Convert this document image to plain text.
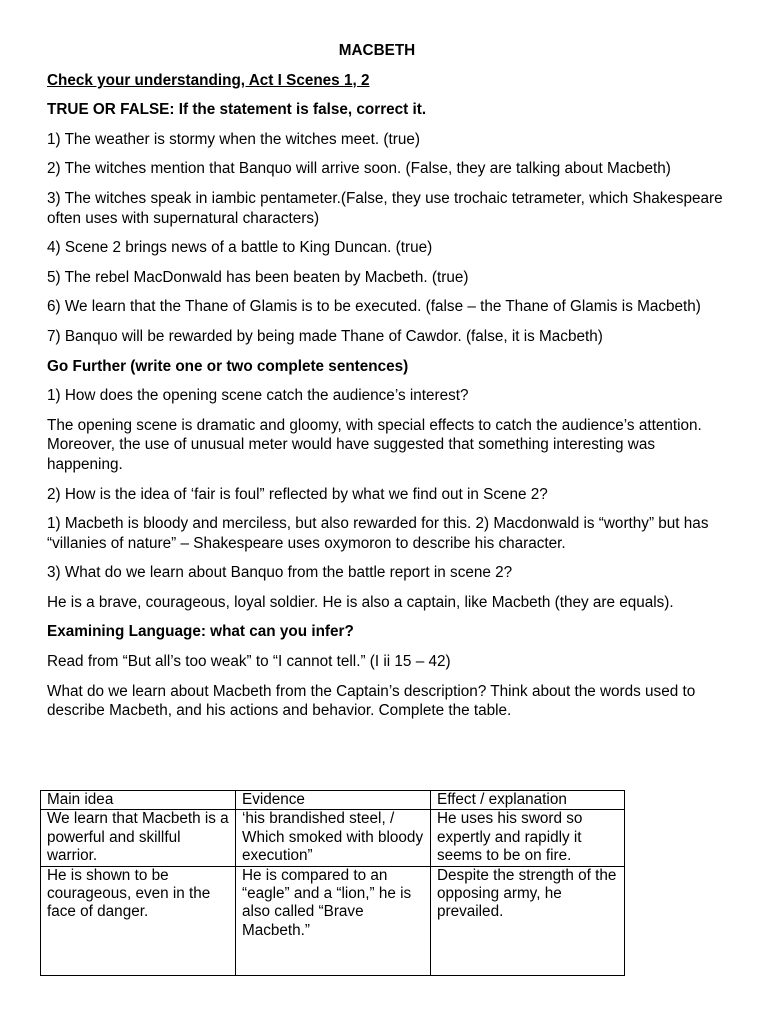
MACBETH

Check your understanding, Act I Scenes 1, 2

TRUE OR FALSE: If the statement is false, correct it.

1) The weather is stormy when the witches meet. (true)

2) The witches mention that Banquo will arrive soon. (False, they are talking about Macbeth)

3) The witches speak in iambic pentameter.(False, they use trochaic tetrameter, which Shakespeare often uses with supernatural characters)

4) Scene 2 brings news of a battle to King Duncan. (true)

5) The rebel MacDonwald has been beaten by Macbeth. (true)

6) We learn that the Thane of Glamis is to be executed. (false – the Thane of Glamis is Macbeth)

7) Banquo will be rewarded by being made Thane of Cawdor. (false, it is Macbeth)

Go Further (write one or two complete sentences)

1) How does the opening scene catch the audience’s interest?

The opening scene is dramatic and gloomy, with special effects to catch the audience’s attention. Moreover, the use of unusual meter would have suggested that something interesting was happening.

2) How is the idea of ‘fair is foul” reflected by what we find out in Scene 2?

1) Macbeth is bloody and merciless, but also rewarded for this. 2) Macdonwald is “worthy” but has “villanies of nature” – Shakespeare uses oxymoron to describe his character.

3) What do we learn about Banquo from the battle report in scene 2?

He is a brave, courageous, loyal soldier. He is also a captain, like Macbeth (they are equals).

Examining Language: what can you infer?

Read from “But all’s too weak” to “I cannot tell.” (I ii 15 – 42)

What do we learn about Macbeth from the Captain’s description? Think about the words used to describe Macbeth, and his actions and behavior. Complete the table.

Main idea	Evidence	Effect / explanation
We learn that Macbeth is a powerful and skillful warrior.	‘his brandished steel, / Which smoked with bloody execution”	He uses his sword so expertly and rapidly it seems to be on fire.
He is shown to be courageous, even in the face of danger.	He is compared to an “eagle” and a “lion,” he is also called “Brave Macbeth.”	Despite the strength of the opposing army, he prevailed.
